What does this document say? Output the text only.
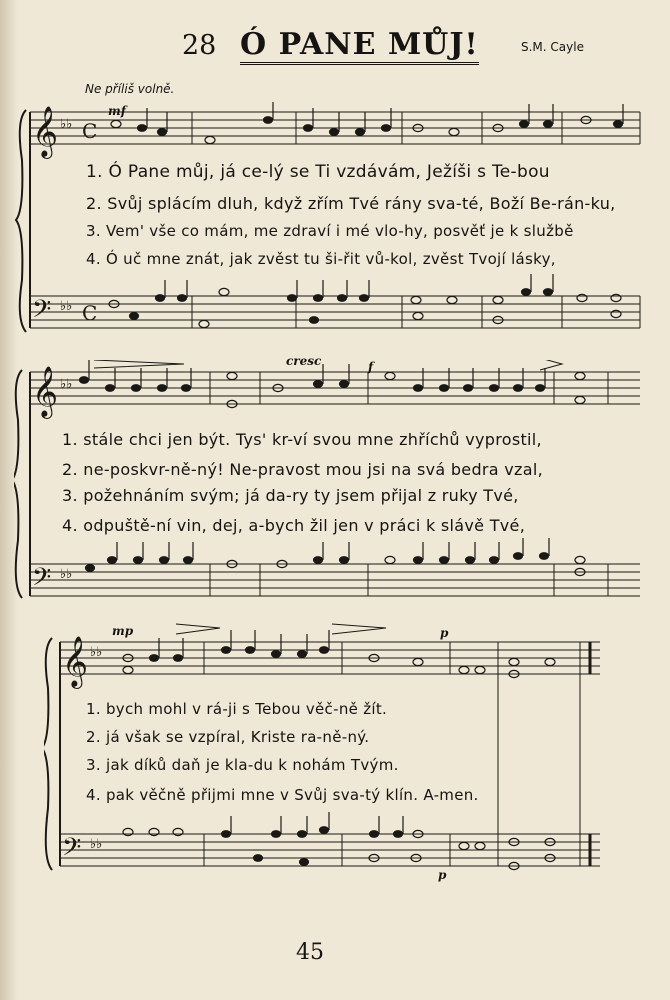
28 Ó PANE MŮJ!	S.M. Cayle
Ne příliš volně.
𝄞 ♭♭ C
𝄢 ♭♭ C
mf
1. Ó Pane můj, já ce-lý se Ti vzdávám, Ježíši s Te-bou
2. Svůj splácím dluh, když zřím Tvé rány sva-té, Boží Be-rán-ku,
3. Vem' vše co mám, me zdraví i mé vlo-hy, posvěť je k službě
4. Ó uč mne znát, jak zvěst tu ši-řit vů-kol, zvěst Tvojí lásky,
𝄞 ♭♭
𝄢 ♭♭
cresc	f
1. stále chci jen být. Tys' kr-ví svou mne zhříchů vyprostil,
2. ne-poskvr-ně-ný! Ne-pravost mou jsi na svá bedra vzal,
3. požehnáním svým; já da-ry ty jsem přijal z ruky Tvé,
4. odpuště-ní vin, dej, a-bych žil jen v práci k slávě Tvé,
𝄞 ♭♭
𝄢 ♭♭
mp	p
p
1. bych mohl v rá-ji s Tebou věč-ně žít.
2. já však se vzpíral, Kriste ra-ně-ný.
3. jak díků daň je kla-du k nohám Tvým.
4. pak věčně přijmi mne v Svůj sva-tý klín. A-men.
45
